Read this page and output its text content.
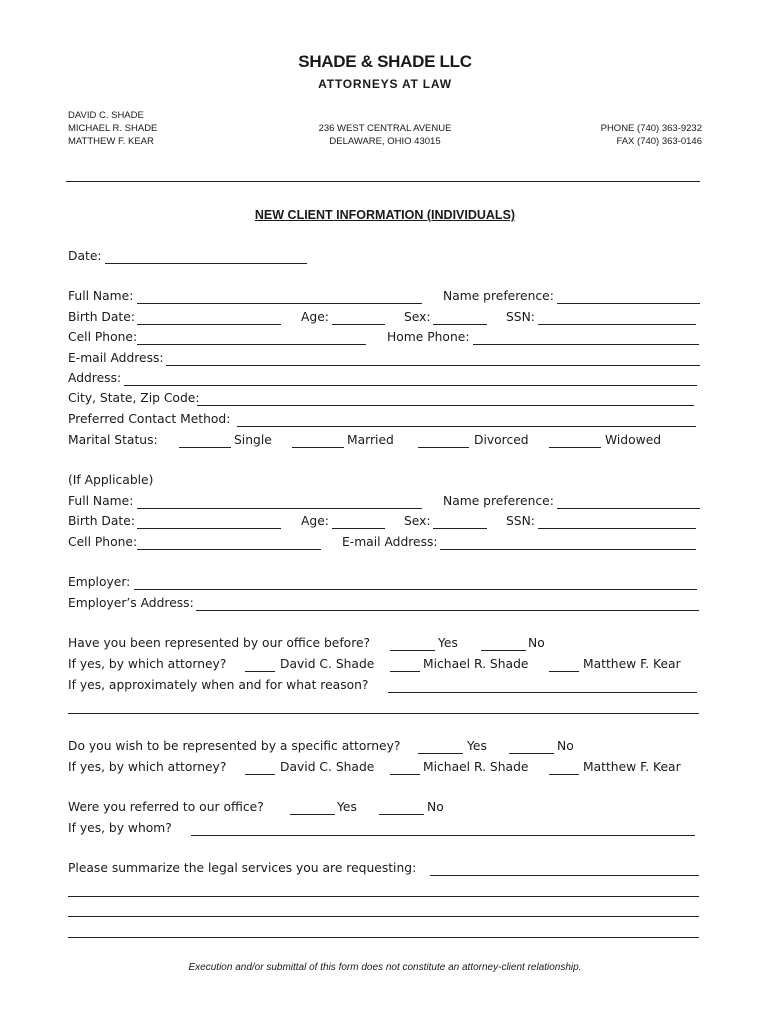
SHADE & SHADE LLC
ATTORNEYS AT LAW
DAVID C. SHADE
MICHAEL R. SHADE
MATTHEW F. KEAR
236 WEST CENTRAL AVENUE
DELAWARE, OHIO 43015
PHONE (740) 363-9232
FAX (740) 363-0146
NEW CLIENT INFORMATION (INDIVIDUALS)
Date:
Full Name:	Name preference:
Birth Date:	Age:	Sex:	SSN:
Cell Phone:	Home Phone:
E-mail Address:
Address:
City, State, Zip Code:
Preferred Contact Method:
Marital Status:	Single	Married	Divorced	Widowed
(If Applicable)
Full Name:	Name preference:
Birth Date:	Age:	Sex:	SSN:
Cell Phone:	E-mail Address:
Employer:
Employer’s Address:
Have you been represented by our office before?	Yes	No
If yes, by which attorney?	David C. Shade	Michael R. Shade	Matthew F. Kear
If yes, approximately when and for what reason?
Do you wish to be represented by a specific attorney?	Yes	No
If yes, by which attorney?	David C. Shade	Michael R. Shade	Matthew F. Kear
Were you referred to our office?	Yes	No
If yes, by whom?
Please summarize the legal services you are requesting:
Execution and/or submittal of this form does not constitute an attorney-client relationship.
